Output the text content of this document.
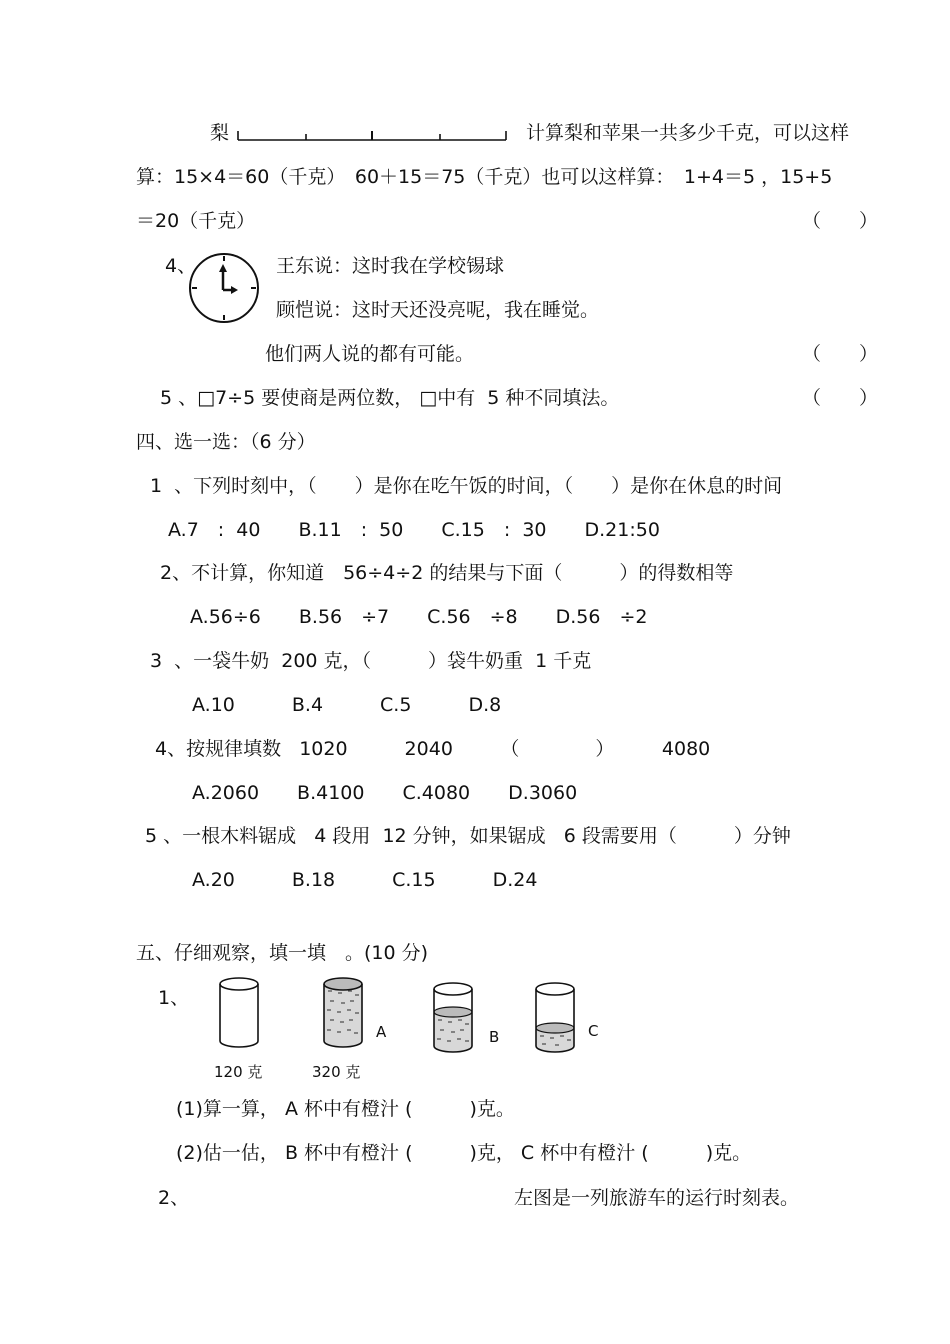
梨	计算梨和苹果一共多少千克，可以这样
算：15×4＝60（千克）　60＋15＝75（千克）也可以这样算：　1+4＝5 ，15+5
＝20（千克）	（　　）
4、	王东说：这时我在学校锡球
顾恺说：这时天还没亮呢，我在睡觉。
他们两人说的都有可能。	（　　）
5 、□7÷5 要使商是两位数， □中有  5 种不同填法。	（　　）
四、选一选：（6 分）
1  、下列时刻中，（　　）是你在吃午饭的时间，（　　）是你在休息的时间
A.7　:  40　　B.11　:  50　　C.15　:  30　　D.21:50
2、不计算，你知道　56÷4÷2 的结果与下面（　　　）的得数相等
A.56÷6　　B.56　÷7　　C.56　÷8　　D.56　÷2
3  、一袋牛奶  200 克，（　　　）袋牛奶重  1 千克
A.10　　　B.4　　　C.5　　　D.8
4、按规律填数   1020　　　2040　　　（　　　　）　　　4080
A.2060　　B.4100　　C.4080　　D.3060
5 、一根木料锯成   4 段用  12 分钟，如果锯成   6 段需要用（　　　）分钟
A.20　　　B.18　　　C.15　　　D.24
五、仔细观察，填一填　。(10 分)
1、
120 克	320 克
A	B	C
(1)算一算， A 杯中有橙汁 (　　　)克。
(2)估一估， B 杯中有橙汁 (　　　)克， C 杯中有橙汁 (　　　)克。
2、	左图是一列旅游车的运行时刻表。
